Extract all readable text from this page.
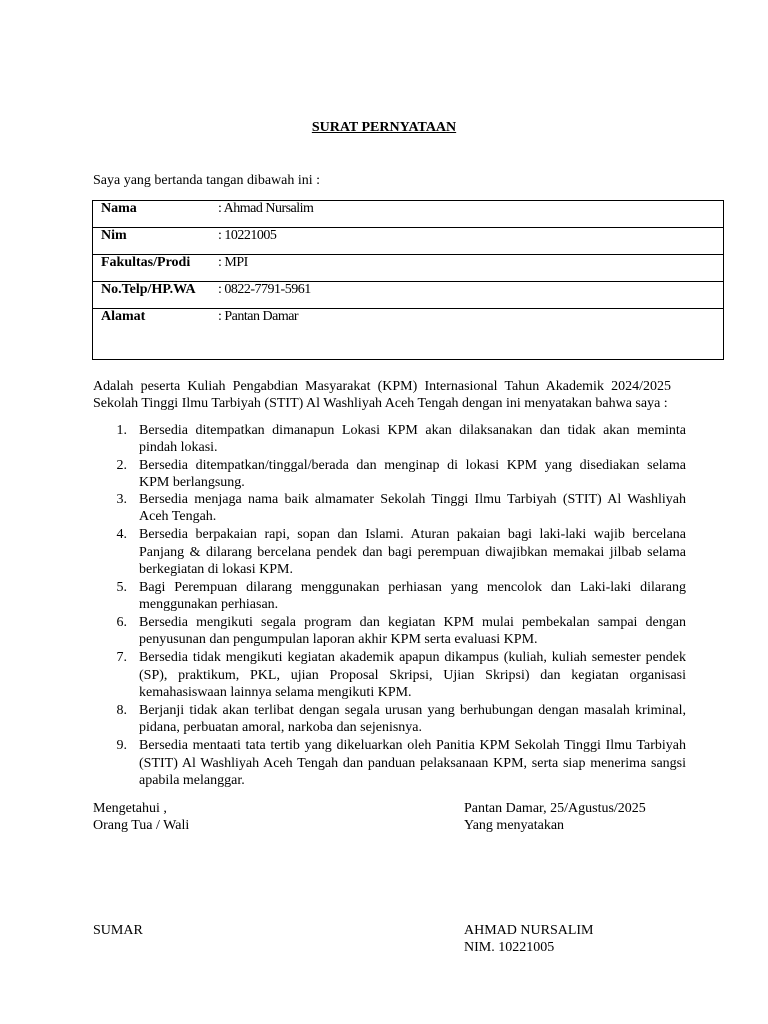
SURAT PERNYATAAN
Saya yang bertanda tangan dibawah ini :
Nama	: Ahmad Nursalim

Nim	: 10221005

Fakultas/Prodi	: MPI

No.Telp/HP.WA	: 0822-7791-5961

Alamat	: Pantan Damar
Adalah peserta Kuliah Pengabdian Masyarakat (KPM) Internasional Tahun Akademik 2024/2025
Sekolah Tinggi Ilmu Tarbiyah (STIT) Al Washliyah Aceh Tengah dengan ini menyatakan bahwa saya :
1. Bersedia ditempatkan dimanapun Lokasi KPM akan dilaksanakan dan tidak akan meminta
pindah lokasi.
2. Bersedia ditempatkan/tinggal/berada dan menginap di lokasi KPM yang disediakan selama
KPM berlangsung.
3. Bersedia menjaga nama baik almamater Sekolah Tinggi Ilmu Tarbiyah (STIT) Al Washliyah
Aceh Tengah.
4. Bersedia berpakaian rapi, sopan dan Islami. Aturan pakaian bagi laki-laki wajib bercelana
Panjang & dilarang bercelana pendek dan bagi perempuan diwajibkan memakai jilbab selama
berkegiatan di lokasi KPM.
5. Bagi Perempuan dilarang menggunakan perhiasan yang mencolok dan Laki-laki dilarang
menggunakan perhiasan.
6. Bersedia mengikuti segala program dan kegiatan KPM mulai pembekalan sampai dengan
penyusunan dan pengumpulan laporan akhir KPM serta evaluasi KPM.
7. Bersedia tidak mengikuti kegiatan akademik apapun dikampus (kuliah, kuliah semester pendek
(SP), praktikum, PKL, ujian Proposal Skripsi, Ujian Skripsi) dan kegiatan organisasi
kemahasiswaan lainnya selama mengikuti KPM.
8. Berjanji tidak akan terlibat dengan segala urusan yang berhubungan dengan masalah kriminal,
pidana, perbuatan amoral, narkoba dan sejenisnya.
9. Bersedia mentaati tata tertib yang dikeluarkan oleh Panitia KPM Sekolah Tinggi Ilmu Tarbiyah
(STIT) Al Washliyah Aceh Tengah dan panduan pelaksanaan KPM, serta siap menerima sangsi
apabila melanggar.
Mengetahui ,
Orang Tua / Wali
SUMAR
Pantan Damar, 25/Agustus/2025
Yang menyatakan
AHMAD NURSALIM
NIM. 10221005
